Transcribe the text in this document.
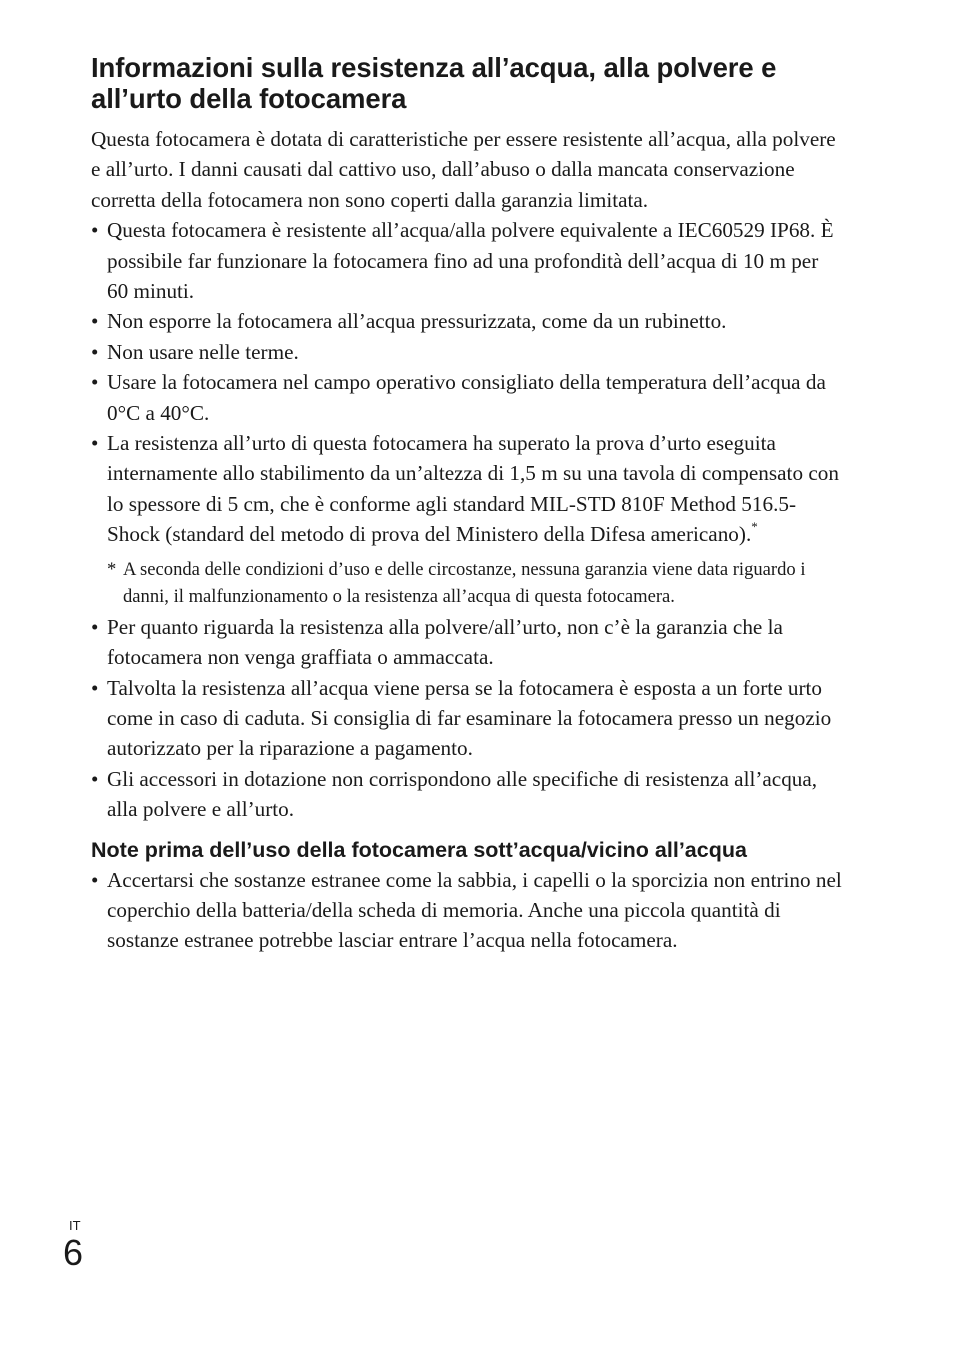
Informazioni sulla resistenza all’acqua, alla polvere e all’urto della fotocamera

Questa fotocamera è dotata di caratteristiche per essere resistente all’acqua, alla polvere e all’urto. I danni causati dal cattivo uso, dall’abuso o dalla mancata conservazione corretta della fotocamera non sono coperti dalla garanzia limitata.

• Questa fotocamera è resistente all’acqua/alla polvere equivalente a IEC60529 IP68. È possibile far funzionare la fotocamera fino ad una profondità dell’acqua di 10 m per 60 minuti.
• Non esporre la fotocamera all’acqua pressurizzata, come da un rubinetto.
• Non usare nelle terme.
• Usare la fotocamera nel campo operativo consigliato della temperatura dell’acqua da 0°C a 40°C.
• La resistenza all’urto di questa fotocamera ha superato la prova d’urto eseguita internamente allo stabilimento da un’altezza di 1,5 m su una tavola di compensato con lo spessore di 5 cm, che è conforme agli standard MIL-STD 810F Method 516.5-Shock (standard del metodo di prova del Ministero della Difesa americano).*
* A seconda delle condizioni d’uso e delle circostanze, nessuna garanzia viene data riguardo i danni, il malfunzionamento o la resistenza all’acqua di questa fotocamera.
• Per quanto riguarda la resistenza alla polvere/all’urto, non c’è la garanzia che la fotocamera non venga graffiata o ammaccata.
• Talvolta la resistenza all’acqua viene persa se la fotocamera è esposta a un forte urto come in caso di caduta. Si consiglia di far esaminare la fotocamera presso un negozio autorizzato per la riparazione a pagamento.
• Gli accessori in dotazione non corrispondono alle specifiche di resistenza all’acqua, alla polvere e all’urto.
Note prima dell’uso della fotocamera sott’acqua/vicino all’acqua
• Accertarsi che sostanze estranee come la sabbia, i capelli o la sporcizia non entrino nel coperchio della batteria/della scheda di memoria. Anche una piccola quantità di sostanze estranee potrebbe lasciar entrare l’acqua nella fotocamera.
IT
6
